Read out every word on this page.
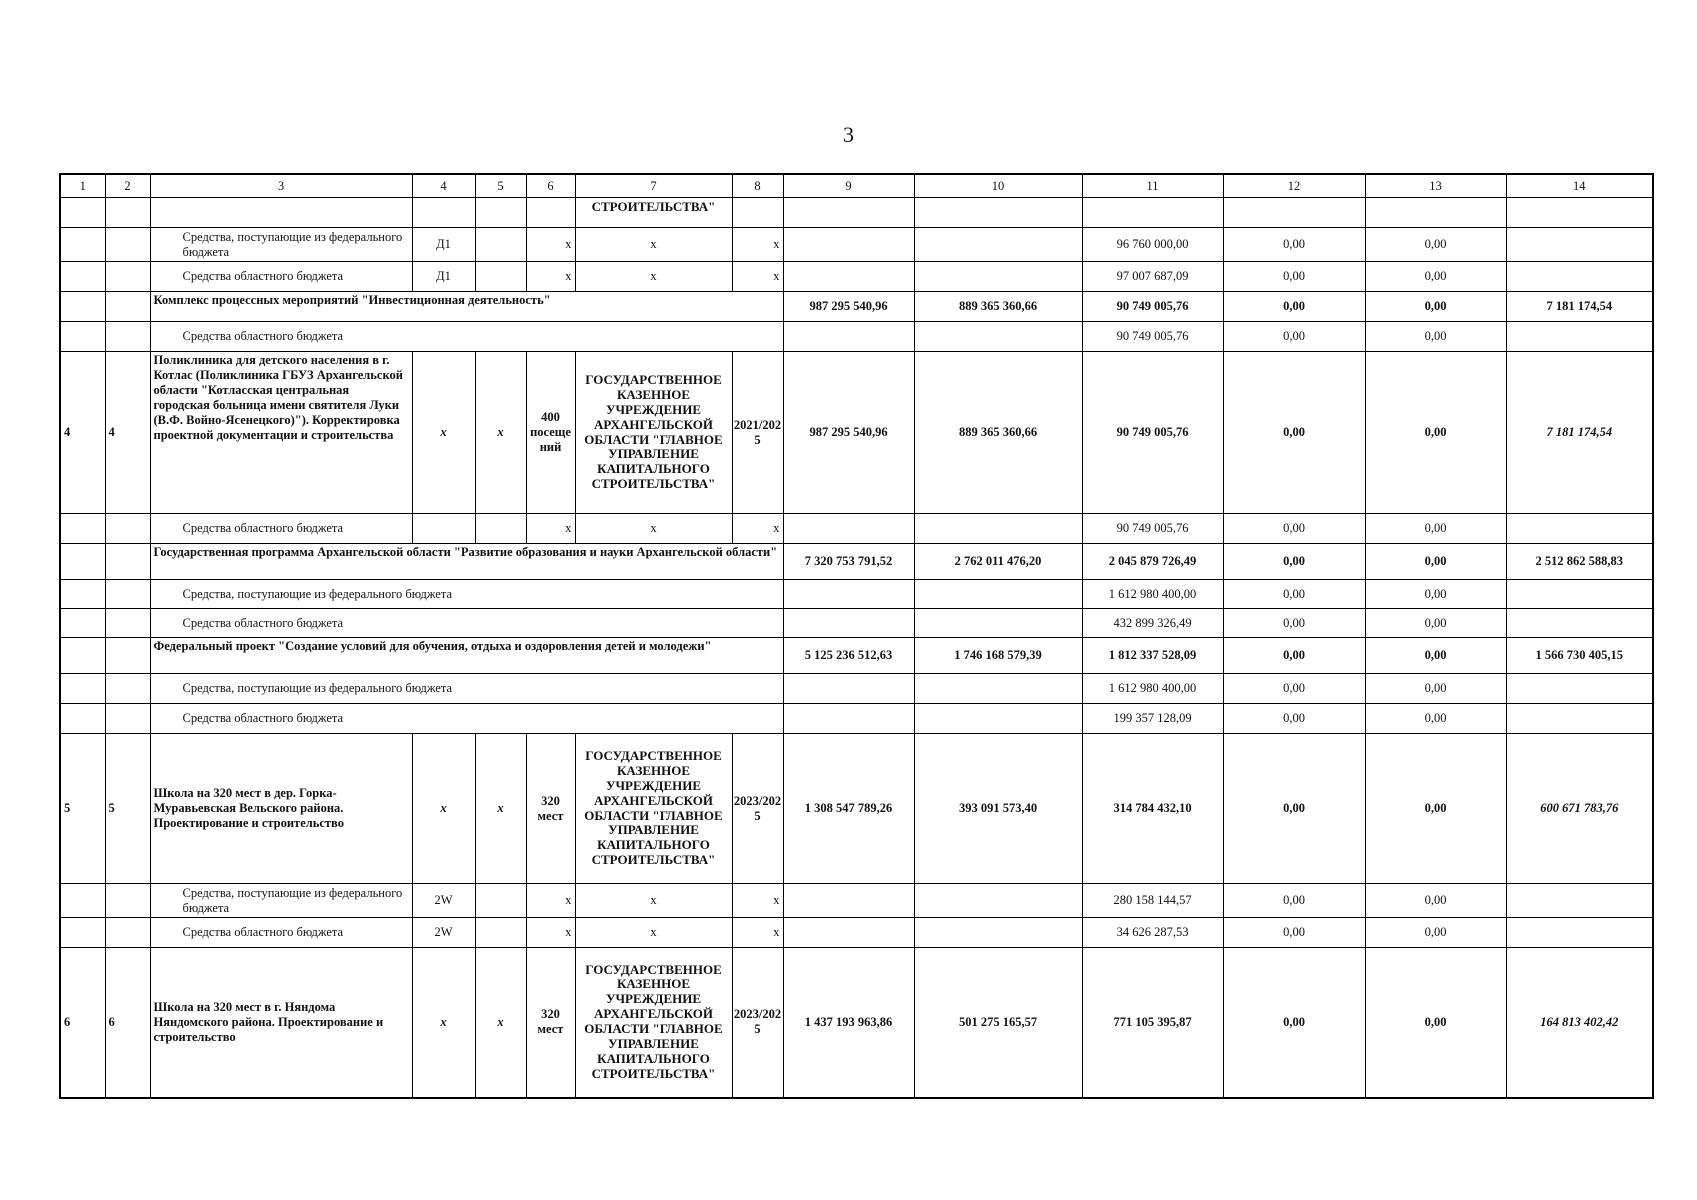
3
1	2	3	4	5	6	7	8	9	10	11	12	13	14
						СТРОИТЕЛЬСТВА"							
		Средства, поступающие из федерального бюджета	Д1		х	х	х			96 760 000,00	0,00	0,00	
		Средства областного бюджета	Д1		х	х	х			97 007 687,09	0,00	0,00	
		Комплекс процессных мероприятий "Инвестиционная деятельность"						987 295 540,96	889 365 360,66	90 749 005,76	0,00	0,00	7 181 174,54
		Средства областного бюджета								90 749 005,76	0,00	0,00	
4	4	Поликлиника для детского населения в г. Котлас (Поликлиника ГБУЗ Архангельской области "Котласская центральная городская больница имени святителя Луки (В.Ф. Войно-Ясенецкого)"). Корректировка проектной документации и строительства	x	x	400 посещений	ГОСУДАРСТВЕННОЕ КАЗЕННОЕ УЧРЕЖДЕНИЕ АРХАНГЕЛЬСКОЙ ОБЛАСТИ "ГЛАВНОЕ УПРАВЛЕНИЕ КАПИТАЛЬНОГО СТРОИТЕЛЬСТВА"	2021/2025	987 295 540,96	889 365 360,66	90 749 005,76	0,00	0,00	7 181 174,54
		Средства областного бюджета			х	х	х			90 749 005,76	0,00	0,00	
		Государственная программа Архангельской области "Развитие образования и науки Архангельской области"						7 320 753 791,52	2 762 011 476,20	2 045 879 726,49	0,00	0,00	2 512 862 588,83
		Средства, поступающие из федерального бюджета								1 612 980 400,00	0,00	0,00	
		Средства областного бюджета								432 899 326,49	0,00	0,00	
		Федеральный проект "Создание условий для обучения, отдыха и оздоровления детей и молодежи"						5 125 236 512,63	1 746 168 579,39	1 812 337 528,09	0,00	0,00	1 566 730 405,15
		Средства, поступающие из федерального бюджета								1 612 980 400,00	0,00	0,00	
		Средства областного бюджета								199 357 128,09	0,00	0,00	
5	5	Школа на 320 мест в дер. Горка-Муравьевская Вельского района. Проектирование и строительство	x	x	320 мест	ГОСУДАРСТВЕННОЕ КАЗЕННОЕ УЧРЕЖДЕНИЕ АРХАНГЕЛЬСКОЙ ОБЛАСТИ "ГЛАВНОЕ УПРАВЛЕНИЕ КАПИТАЛЬНОГО СТРОИТЕЛЬСТВА"	2023/2025	1 308 547 789,26	393 091 573,40	314 784 432,10	0,00	0,00	600 671 783,76
		Средства, поступающие из федерального бюджета	2W		х	х	х			280 158 144,57	0,00	0,00	
		Средства областного бюджета	2W		х	х	х			34 626 287,53	0,00	0,00	
6	6	Школа на 320 мест в г. Няндома Няндомского района. Проектирование и строительство	x	x	320 мест	ГОСУДАРСТВЕННОЕ КАЗЕННОЕ УЧРЕЖДЕНИЕ АРХАНГЕЛЬСКОЙ ОБЛАСТИ "ГЛАВНОЕ УПРАВЛЕНИЕ КАПИТАЛЬНОГО СТРОИТЕЛЬСТВА"	2023/2025	1 437 193 963,86	501 275 165,57	771 105 395,87	0,00	0,00	164 813 402,42
